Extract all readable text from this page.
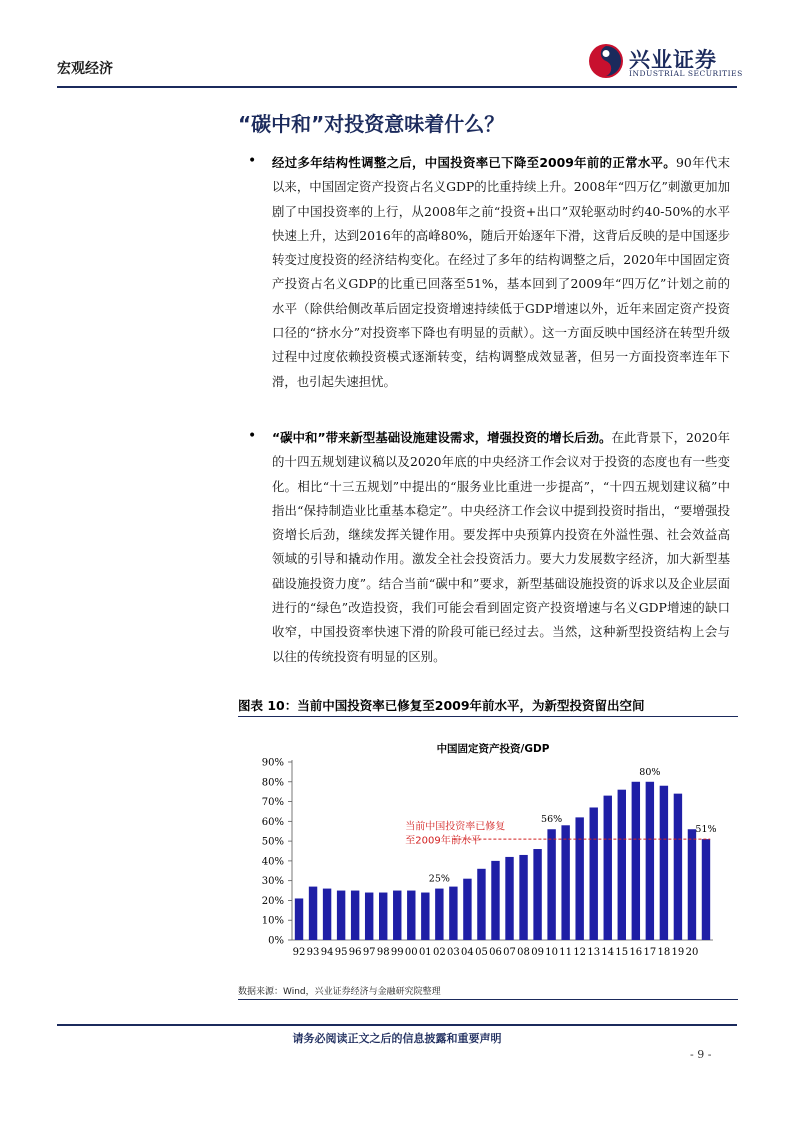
宏观经济	兴业证券
INDUSTRIAL SECURITIES
“碳中和”对投资意味着什么？
• 经过多年结构性调整之后，中国投资率已下降至2009年前的正常水平。90年代末以来，中国固定资产投资占名义GDP的比重持续上升。2008年“四万亿”刺激更加加剧了中国投资率的上行，从2008年之前“投资+出口”双轮驱动时约40-50%的水平快速上升，达到2016年的高峰80%，随后开始逐年下滑，这背后反映的是中国逐步转变过度投资的经济结构变化。在经过了多年的结构调整之后，2020年中国固定资产投资占名义GDP的比重已回落至51%，基本回到了2009年“四万亿”计划之前的水平（除供给侧改革后固定投资增速持续低于GDP增速以外，近年来固定资产投资口径的“挤水分”对投资率下降也有明显的贡献）。这一方面反映中国经济在转型升级过程中过度依赖投资模式逐渐转变，结构调整成效显著，但另一方面投资率连年下滑，也引起失速担忧。
• “碳中和”带来新型基础设施建设需求，增强投资的增长后劲。在此背景下，2020年的十四五规划建议稿以及2020年底的中央经济工作会议对于投资的态度也有一些变化。相比“十三五规划”中提出的“服务业比重进一步提高”，“十四五规划建议稿”中指出“保持制造业比重基本稳定”。中央经济工作会议中提到投资时指出，“要增强投资增长后劲，继续发挥关键作用。要发挥中央预算内投资在外溢性强、社会效益高领域的引导和撬动作用。激发全社会投资活力。要大力发展数字经济，加大新型基础设施投资力度”。结合当前“碳中和”要求，新型基础设施投资的诉求以及企业层面进行的“绿色”改造投资，我们可能会看到固定资产投资增速与名义GDP增速的缺口收窄，中国投资率快速下滑的阶段可能已经过去。当然，这种新型投资结构上会与以往的传统投资有明显的区别。
图表 10：当前中国投资率已修复至2009年前水平，为新型投资留出空间
中国固定资产投资/GDP
0%
10%
20%
30%
40%
50%
60%
70%
80%
90%
92 93 94 95 96 97 98 99 00 01 02 03 04 05 06 07 08 09 10 11 12 13 14 15 16 17 18 19 20
25%
56%
80%
51%
当前中国投资率已修复
至2009年前水平
数据来源：Wind，兴业证券经济与金融研究院整理
请务必阅读正文之后的信息披露和重要声明
- 9 -
